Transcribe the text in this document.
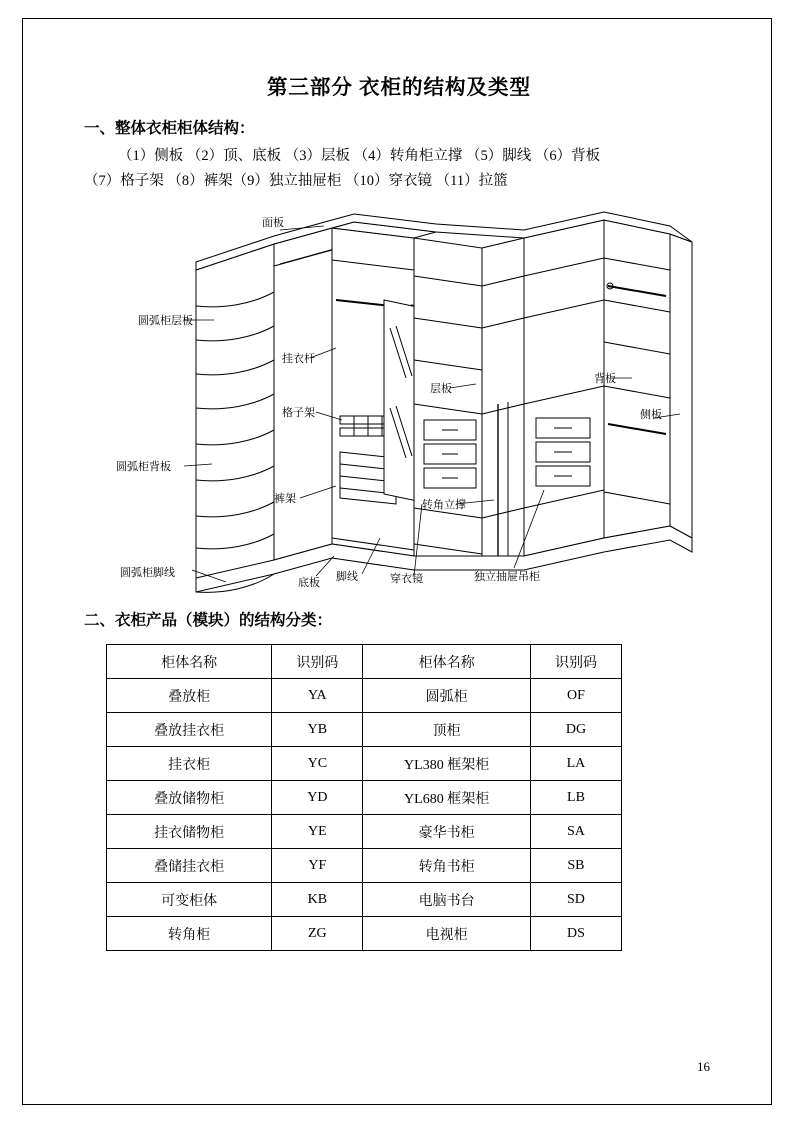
第三部分 衣柜的结构及类型
一、整体衣柜柜体结构：

（1）侧板 （2）顶、底板 （3）层板 （4）转角柜立撑 （5）脚线 （6）背板

（7）格子架 （8）裤架（9）独立抽屉柜 （10）穿衣镜 （11）拉篮

面板
圆弧柜层板
圆弧柜背板
圆弧柜脚线
挂衣杆
格子架
裤架
底板 脚线	穿衣镜
层板
转角立撑
独立抽屉吊柜
背板
侧板
二、衣柜产品（模块）的结构分类：
柜体名称	识别码	柜体名称	识别码
叠放柜	YA	圆弧柜	OF
叠放挂衣柜	YB	顶柜	DG
挂衣柜	YC	YL380 框架柜	LA
叠放储物柜	YD	YL680 框架柜	LB
挂衣储物柜	YE	豪华书柜	SA
叠储挂衣柜	YF	转角书柜	SB
可变柜体	KB	电脑书台	SD
转角柜	ZG	电视柜	DS
16
